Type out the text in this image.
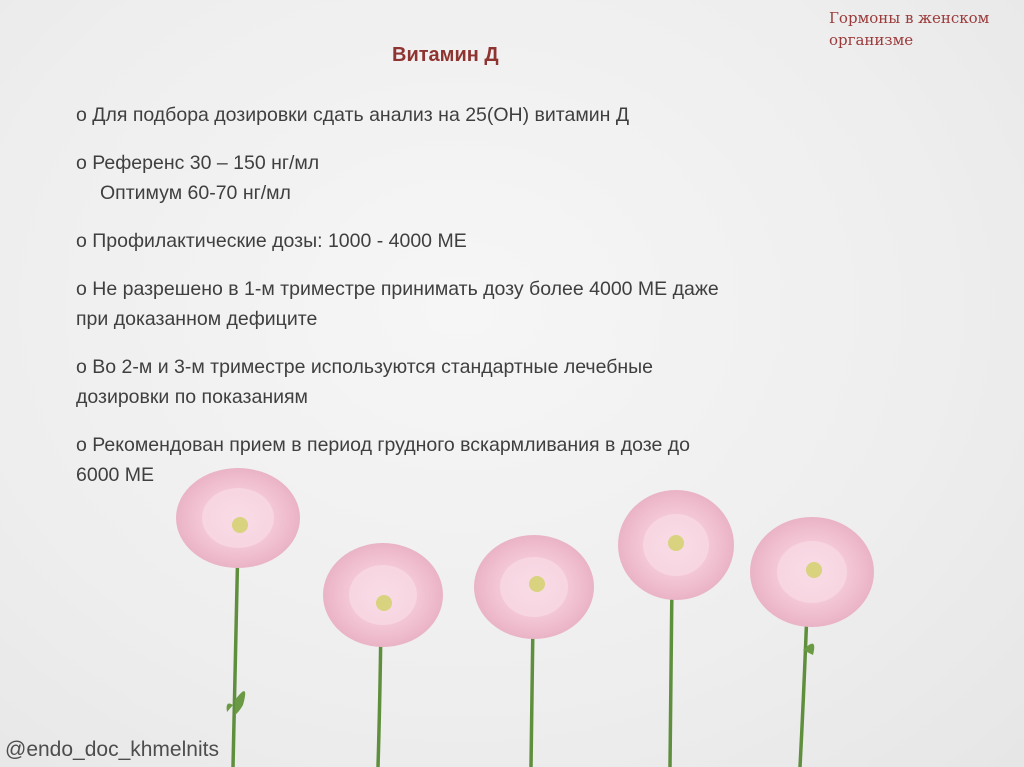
Гормоны в женском организме
Витамин Д
o Для подбора дозировки сдать анализ на 25(OH) витамин Д
o Референс 30 – 150 нг/мл
Оптимум 60-70 нг/мл
o Профилактические дозы: 1000 - 4000 МЕ
o Не разрешено в 1-м триместре принимать дозу более 4000 МЕ даже
при доказанном дефиците
o Во 2-м и 3-м триместре используются стандартные лечебные
дозировки по показаниям
o Рекомендован прием в период грудного вскармливания в дозе до
6000 МЕ
@endo_doc_khmelnits
